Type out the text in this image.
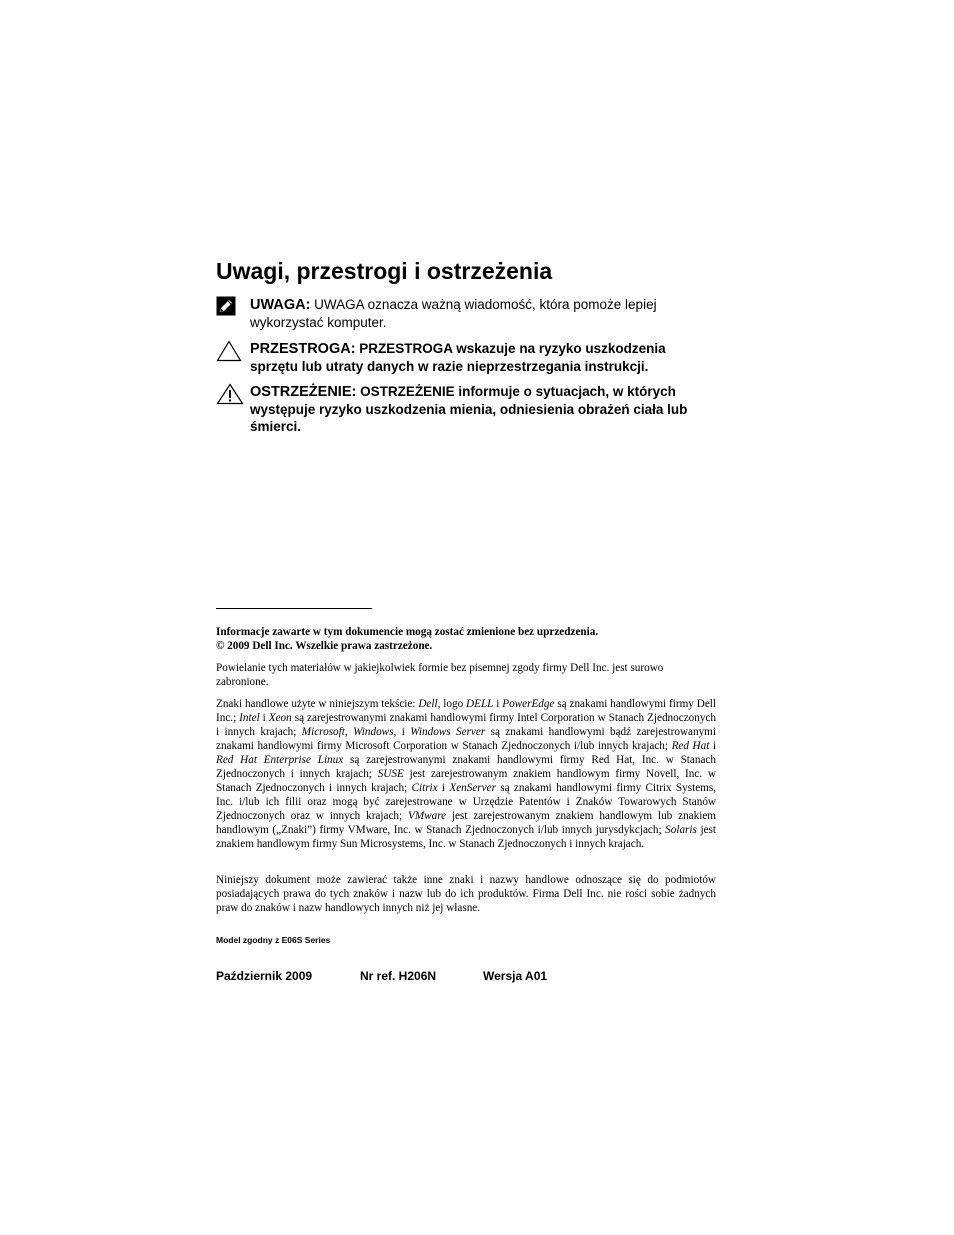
Uwagi, przestrogi i ostrzeżenia
UWAGA: UWAGA oznacza ważną wiadomość, która pomoże lepiej wykorzystać komputer.
PRZESTROGA: PRZESTROGA wskazuje na ryzyko uszkodzenia sprzętu lub utraty danych w razie nieprzestrzegania instrukcji.
OSTRZEŻENIE: OSTRZEŻENIE informuje o sytuacjach, w których występuje ryzyko uszkodzenia mienia, odniesienia obrażeń ciała lub śmierci.

Informacje zawarte w tym dokumencie mogą zostać zmienione bez uprzedzenia.
© 2009 Dell Inc. Wszelkie prawa zastrzeżone.

Powielanie tych materiałów w jakiejkolwiek formie bez pisemnej zgody firmy Dell Inc. jest surowo zabronione.

Znaki handlowe użyte w niniejszym tekście: Dell, logo DELL i PowerEdge są znakami handlowymi firmy Dell Inc.; Intel i Xeon są zarejestrowanymi znakami handlowymi firmy Intel Corporation w Stanach Zjednoczonych i innych krajach; Microsoft, Windows, i Windows Server są znakami handlowymi bądź zarejestrowanymi znakami handlowymi firmy Microsoft Corporation w Stanach Zjednoczonych i/lub innych krajach; Red Hat i Red Hat Enterprise Linux są zarejestrowanymi znakami handlowymi firmy Red Hat, Inc. w Stanach Zjednoczonych i innych krajach; SUSE jest zarejestrowanym znakiem handlowym firmy Novell, Inc. w Stanach Zjednoczonych i innych krajach; Citrix i XenServer są znakami handlowymi firmy Citrix Systems, Inc. i/lub ich filii oraz mogą być zarejestrowane w Urzędzie Patentów i Znaków Towarowych Stanów Zjednoczonych oraz w innych krajach; VMware jest zarejestrowanym znakiem handlowym lub znakiem handlowym („Znaki”) firmy VMware, Inc. w Stanach Zjednoczonych i/lub innych jurysdykcjach; Solaris jest znakiem handlowym firmy Sun Microsystems, Inc. w Stanach Zjednoczonych i innych krajach.

Niniejszy dokument może zawierać także inne znaki i nazwy handlowe odnoszące się do podmiotów posiadających prawa do tych znaków i nazw lub do ich produktów. Firma Dell Inc. nie rości sobie żadnych praw do znaków i nazw handlowych innych niż jej własne.

Model zgodny z E06S Series
Październik 2009	Nr ref. H206N	Wersja A01
